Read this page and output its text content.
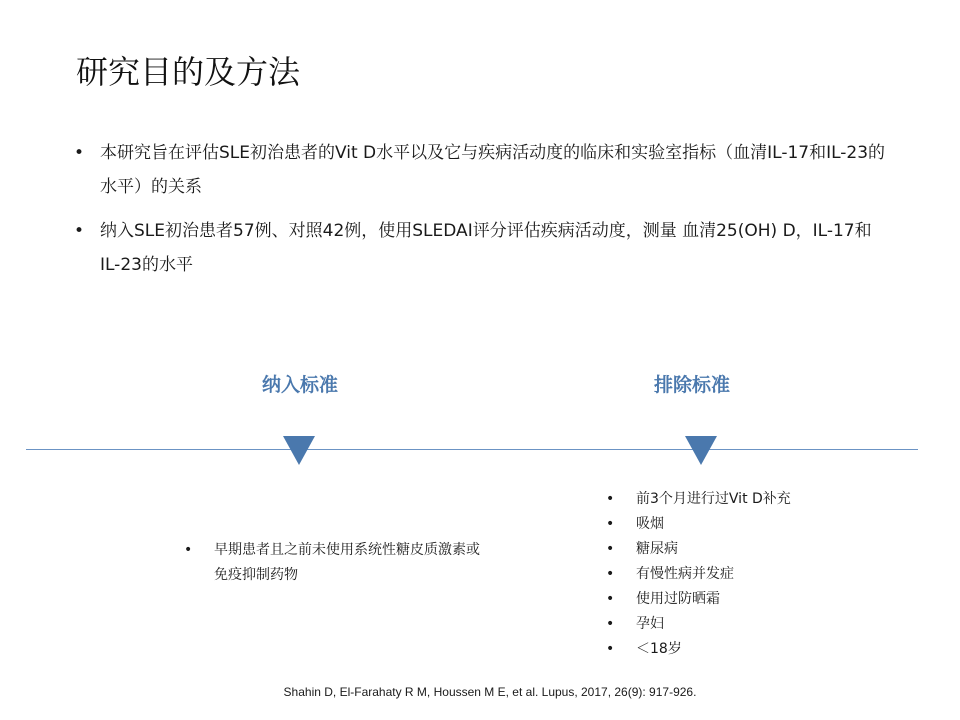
研究目的及方法
• 本研究旨在评估SLE初治患者的Vit D水平以及它与疾病活动度的临床和实验室指标（血清IL-17和IL-23的水平）的关系
• 纳入SLE初治患者57例、对照42例，使用SLEDAI评分评估疾病活动度，测量 血清25(OH) D，IL-17和 IL-23的水平
纳入标准	排除标准
• 早期患者且之前未使用系统性糖皮质激素或免疫抑制药物
• 前3个月进行过Vit D补充
• 吸烟
• 糖尿病
• 有慢性病并发症
• 使用过防晒霜
• 孕妇
• ＜18岁
Shahin D, El-Farahaty R M, Houssen M E, et al. Lupus, 2017, 26(9): 917-926.
